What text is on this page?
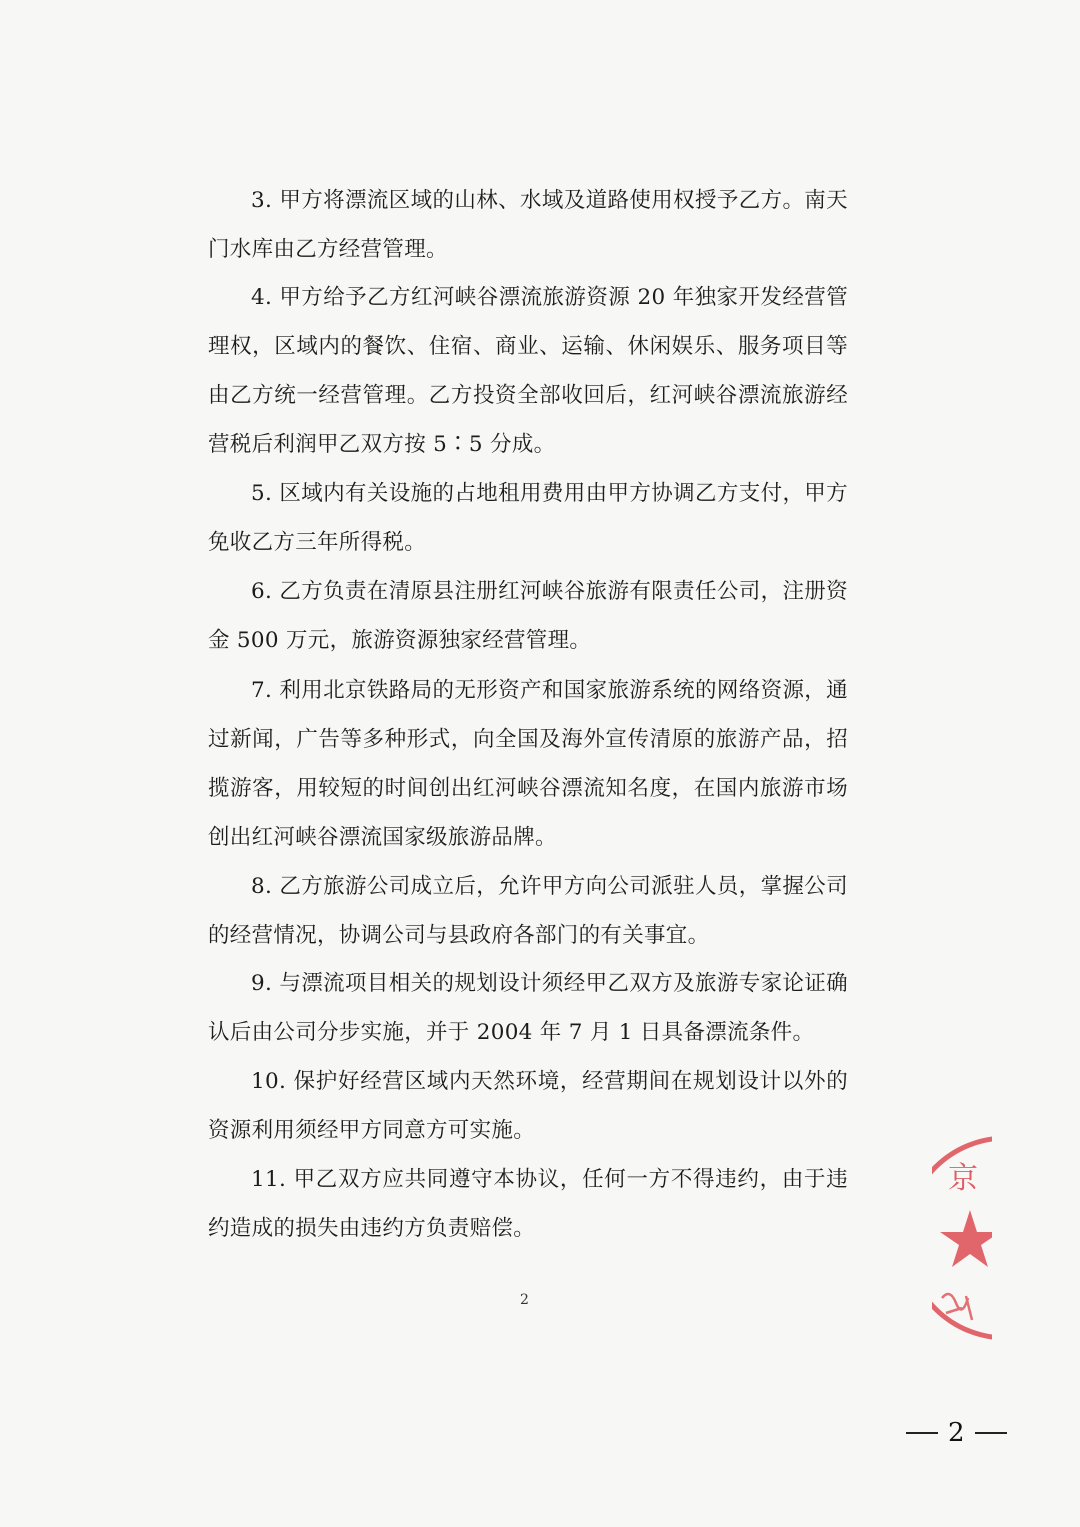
3. 甲方将漂流区域的山林、水域及道路使用权授予乙方。南天门水库由乙方经营管理。

4. 甲方给予乙方红河峡谷漂流旅游资源 20 年独家开发经营管理权，区域内的餐饮、住宿、商业、运输、休闲娱乐、服务项目等由乙方统一经营管理。乙方投资全部收回后，红河峡谷漂流旅游经营税后利润甲乙双方按 5∶5 分成。

5. 区域内有关设施的占地租用费用由甲方协调乙方支付，甲方免收乙方三年所得税。

6. 乙方负责在清原县注册红河峡谷旅游有限责任公司，注册资金 500 万元，旅游资源独家经营管理。

7. 利用北京铁路局的无形资产和国家旅游系统的网络资源，通过新闻，广告等多种形式，向全国及海外宣传清原的旅游产品，招揽游客，用较短的时间创出红河峡谷漂流知名度，在国内旅游市场创出红河峡谷漂流国家级旅游品牌。

8. 乙方旅游公司成立后，允许甲方向公司派驻人员，掌握公司的经营情况，协调公司与县政府各部门的有关事宜。

9. 与漂流项目相关的规划设计须经甲乙双方及旅游专家论证确认后由公司分步实施，并于 2004 年 7 月 1 日具备漂流条件。

10. 保护好经营区域内天然环境，经营期间在规划设计以外的资源利用须经甲方同意方可实施。

11. 甲乙双方应共同遵守本协议，任何一方不得违约，由于违约造成的损失由违约方负责赔偿。

2
京
2
